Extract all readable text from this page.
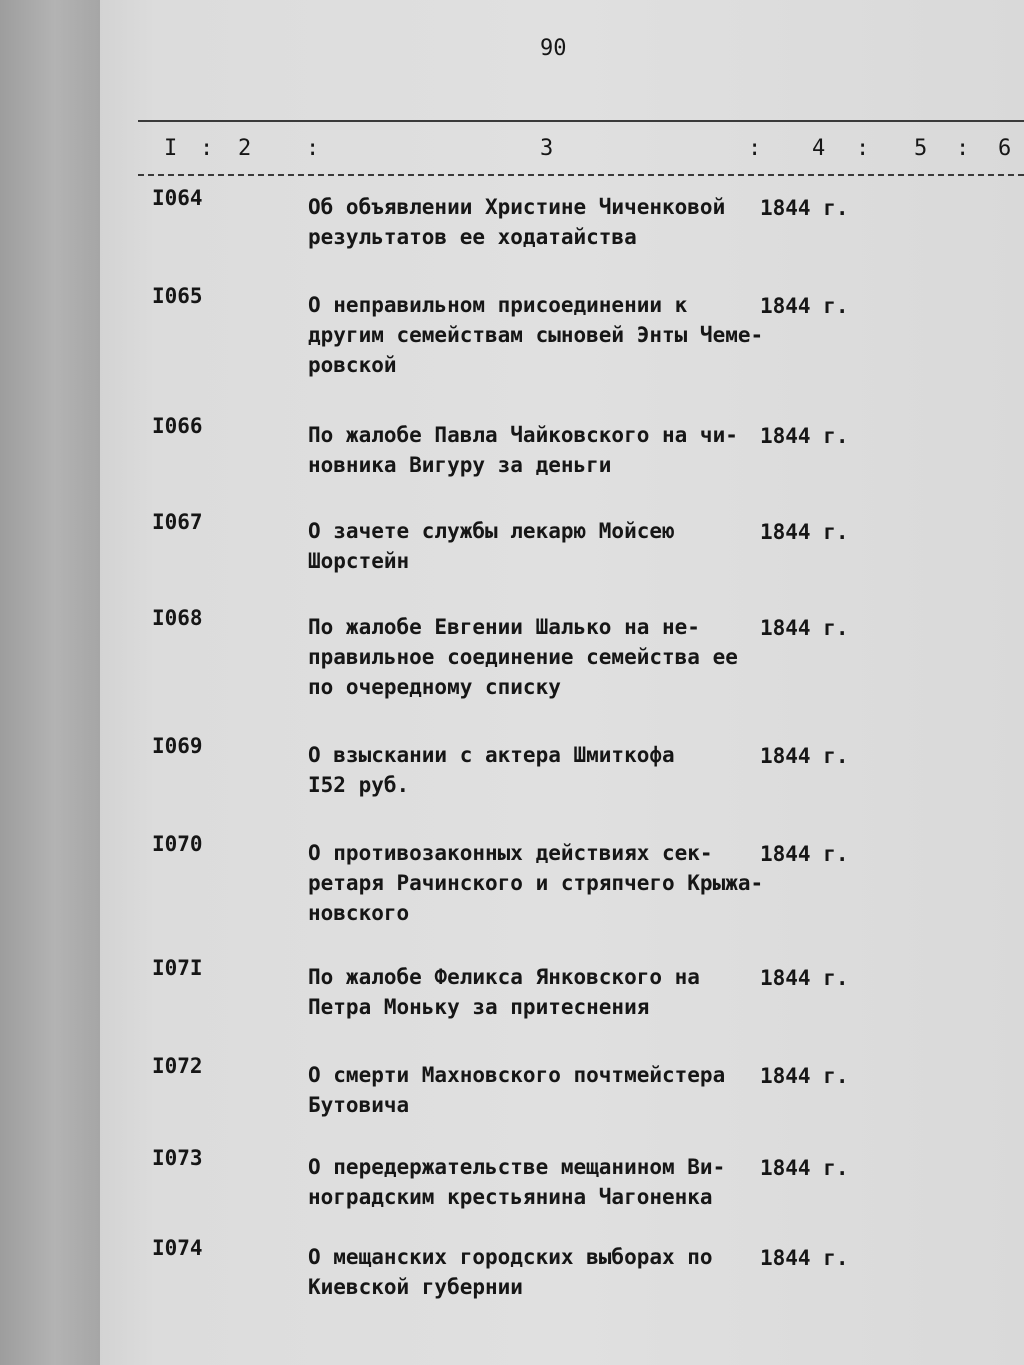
90
I : 2 :	3	: 4 : 5 : 6
I064	Об объявлении Христине Чиченковой
результатов ее ходатайства
1844 г.
I065	О неправильном присоединении к
другим семействам сыновей Энты Чеме-
ровской
1844 г.
I066	По жалобе Павла Чайковского на чи-
новника Вигуру за деньги
1844 г.
I067	О зачете службы лекарю Мойсею
Шорстейн
1844 г.
I068	По жалобе Евгении Шалько на не-
правильное соединение семейства ее
по очередному списку
1844 г.
I069	О взыскании с актера Шмиткофа
I52 руб.
1844 г.
I070	О противозаконных действиях сек-
ретаря Рачинского и стряпчего Крыжа-
новского
1844 г.
I07I	По жалобе Феликса Янковского на
Петра Моньку за притеснения
1844 г.
I072	О смерти Махновского почтмейстера
Бутовича
1844 г.
I073	О передержательстве мещанином Ви-
ноградским крестьянина Чагоненка
1844 г.
I074	О мещанских городских выборах по
Киевской губернии
1844 г.
